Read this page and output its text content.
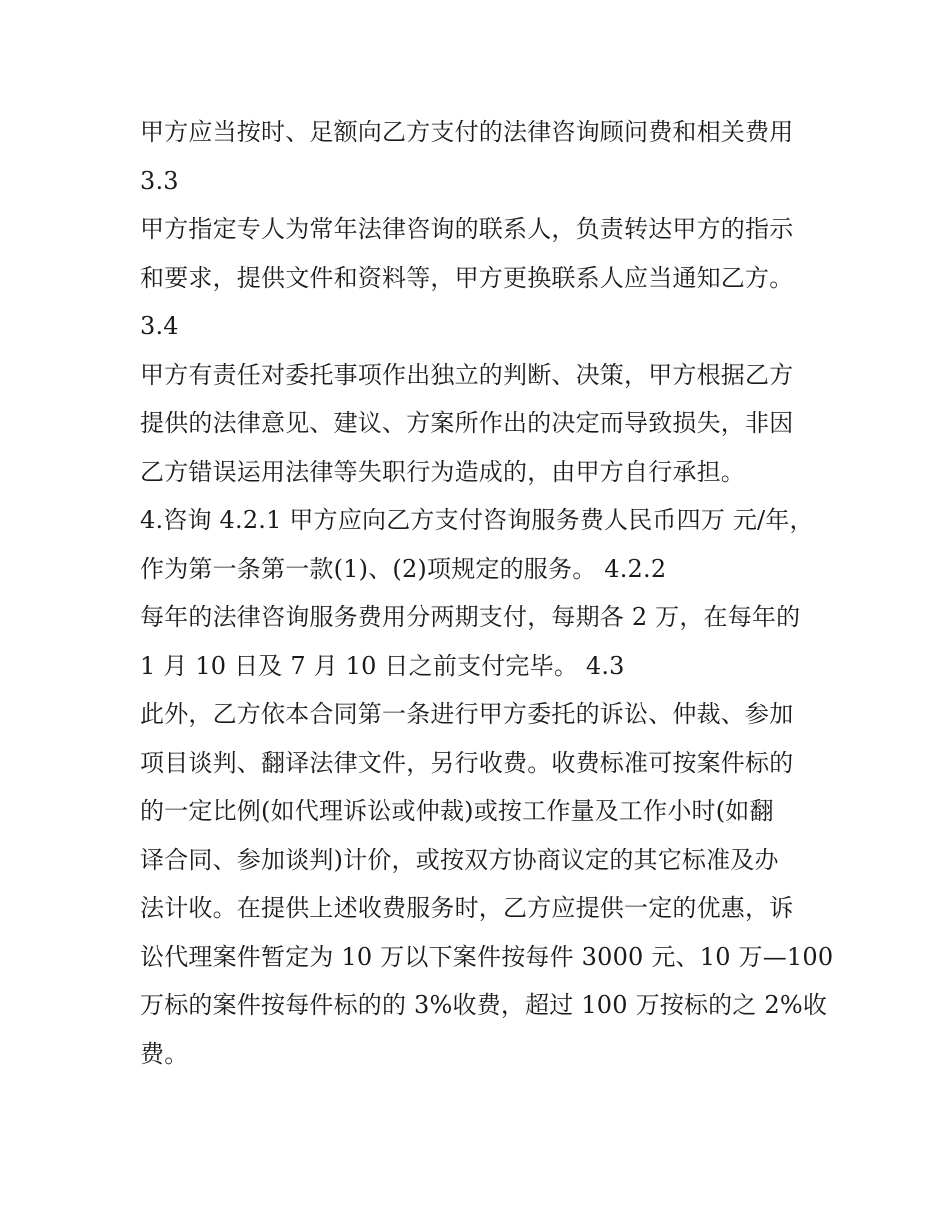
甲方应当按时、足额向乙方支付的法律咨询顾问费和相关费用
3.3
甲方指定专人为常年法律咨询的联系人，负责转达甲方的指示
和要求，提供文件和资料等，甲方更换联系人应当通知乙方。
3.4
甲方有责任对委托事项作出独立的判断、决策，甲方根据乙方
提供的法律意见、建议、方案所作出的决定而导致损失，非因
乙方错误运用法律等失职行为造成的，由甲方自行承担。
4.咨询 4.2.1 甲方应向乙方支付咨询服务费人民币四万 元/年，
作为第一条第一款(1)、(2)项规定的服务。 4.2.2
每年的法律咨询服务费用分两期支付，每期各 2 万，在每年的
1 月 10 日及 7 月 10 日之前支付完毕。 4.3
此外，乙方依本合同第一条进行甲方委托的诉讼、仲裁、参加
项目谈判、翻译法律文件，另行收费。收费标准可按案件标的
的一定比例(如代理诉讼或仲裁)或按工作量及工作小时(如翻
译合同、参加谈判)计价，或按双方协商议定的其它标准及办
法计收。在提供上述收费服务时，乙方应提供一定的优惠，诉
讼代理案件暂定为 10 万以下案件按每件 3000 元、10 万—100
万标的案件按每件标的的 3%收费，超过 100 万按标的之 2%收
费。
